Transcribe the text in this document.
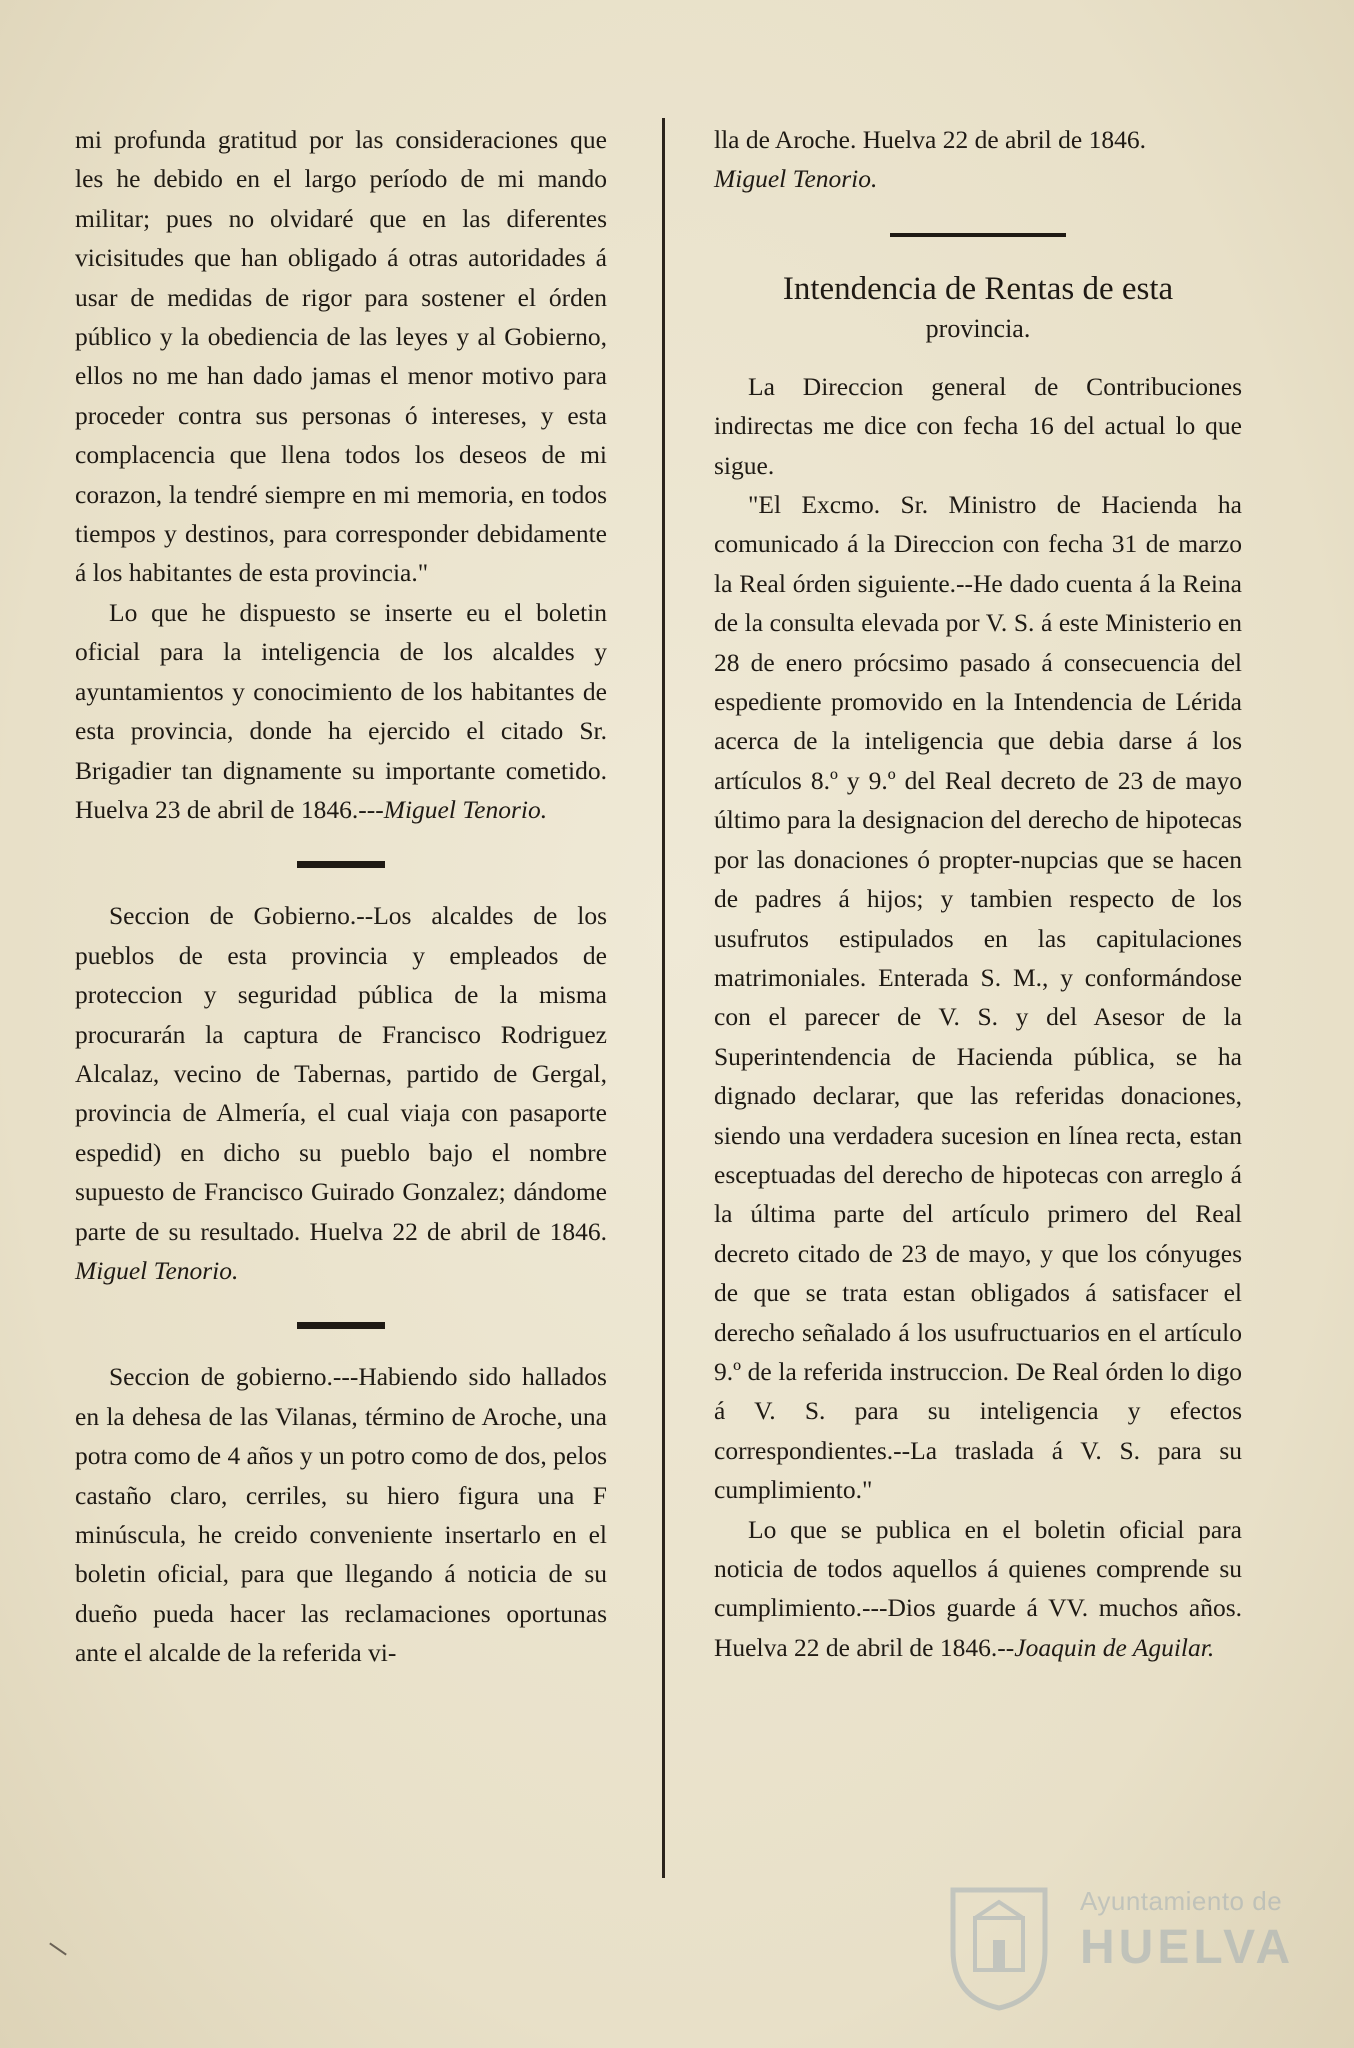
mi profunda gratitud por las consideraciones que les he debido en el largo período de mi mando militar; pues no olvidaré que en las diferentes vicisitudes que han obligado á otras autoridades á usar de medidas de rigor para sostener el órden público y la obediencia de las leyes y al Gobierno, ellos no me han dado jamas el menor motivo para proceder contra sus personas ó intereses, y esta complacencia que llena todos los deseos de mi corazon, la tendré siempre en mi memoria, en todos tiempos y destinos, para corresponder debidamente á los habitantes de esta provincia."

Lo que he dispuesto se inserte eu el boletin oficial para la inteligencia de los alcaldes y ayuntamientos y conocimiento de los habitantes de esta provincia, donde ha ejercido el citado Sr. Brigadier tan dignamente su importante cometido. Huelva 23 de abril de 1846.---Miguel Tenorio.

Seccion de Gobierno.--Los alcaldes de los pueblos de esta provincia y empleados de proteccion y seguridad pública de la misma procurarán la captura de Francisco Rodriguez Alcalaz, vecino de Tabernas, partido de Gergal, provincia de Almería, el cual viaja con pasaporte espedid) en dicho su pueblo bajo el nombre supuesto de Francisco Guirado Gonzalez; dándome parte de su resultado. Huelva 22 de abril de 1846. Miguel Tenorio.

Seccion de gobierno.---Habiendo sido hallados en la dehesa de las Vilanas, término de Aroche, una potra como de 4 años y un potro como de dos, pelos castaño claro, cerriles, su hiero figura una F minúscula, he creido conveniente insertarlo en el boletin oficial, para que llegando á noticia de su dueño pueda hacer las reclamaciones oportunas ante el alcalde de la referida vi-

lla de Aroche. Huelva 22 de abril de 1846.
Miguel Tenorio.

Intendencia de Rentas de esta
provincia.

La Direccion general de Contribuciones indirectas me dice con fecha 16 del actual lo que sigue.

"El Excmo. Sr. Ministro de Hacienda ha comunicado á la Direccion con fecha 31 de marzo la Real órden siguiente.--He dado cuenta á la Reina de la consulta elevada por V. S. á este Ministerio en 28 de enero prócsimo pasado á consecuencia del espediente promovido en la Intendencia de Lérida acerca de la inteligencia que debia darse á los artículos 8.º y 9.º del Real decreto de 23 de mayo último para la designacion del derecho de hipotecas por las donaciones ó propter-nupcias que se hacen de padres á hijos; y tambien respecto de los usufrutos estipulados en las capitulaciones matrimoniales. Enterada S. M., y conformándose con el parecer de V. S. y del Asesor de la Superintendencia de Hacienda pública, se ha dignado declarar, que las referidas donaciones, siendo una verdadera sucesion en línea recta, estan esceptuadas del derecho de hipotecas con arreglo á la última parte del artículo primero del Real decreto citado de 23 de mayo, y que los cónyuges de que se trata estan obligados á satisfacer el derecho señalado á los usufructuarios en el artículo 9.º de la referida instruccion. De Real órden lo digo á V. S. para su inteligencia y efectos correspondientes.--La traslada á V. S. para su cumplimiento."

Lo que se publica en el boletin oficial para noticia de todos aquellos á quienes comprende su cumplimiento.---Dios guarde á VV. muchos años. Huelva 22 de abril de 1846.--Joaquin de Aguilar.

Ayuntamiento de
HUELVA
